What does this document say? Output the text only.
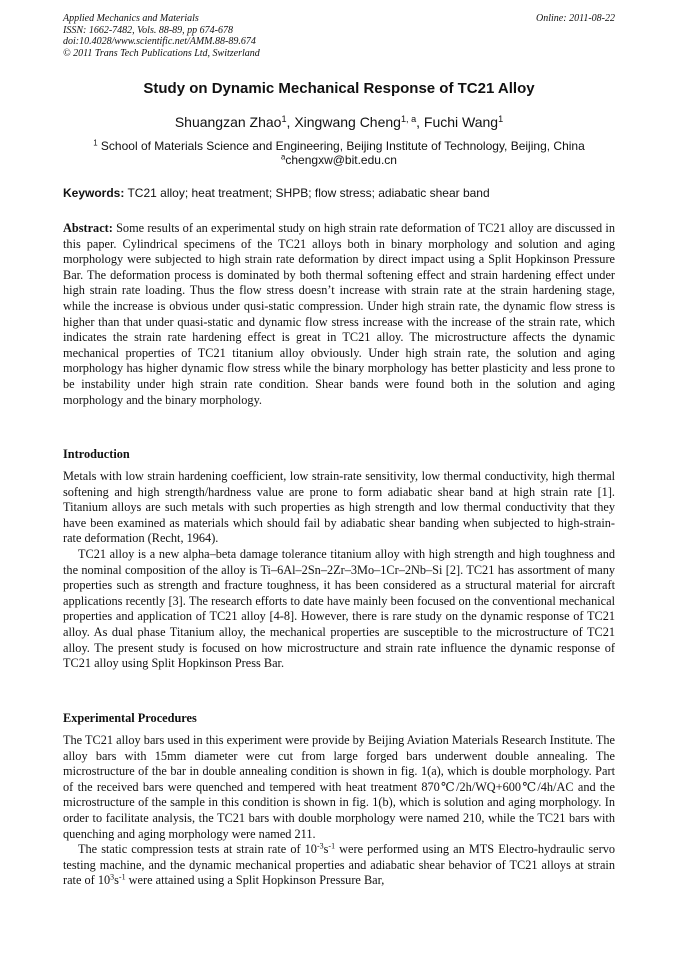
Applied Mechanics and Materials
ISSN: 1662-7482, Vols. 88-89, pp 674-678
doi:10.4028/www.scientific.net/AMM.88-89.674
© 2011 Trans Tech Publications Ltd, Switzerland
Online: 2011-08-22
Study on Dynamic Mechanical Response of TC21 Alloy
Shuangzan Zhao$^1$, Xingwang Cheng$^{1, a}$, Fuchi Wang$^1$
$^1$ School of Materials Science and Engineering, Beijing Institute of Technology, Beijing, China
$^a$chengxw@bit.edu.cn
Keywords: TC21 alloy; heat treatment; SHPB; flow stress; adiabatic shear band

Abstract: Some results of an experimental study on high strain rate deformation of TC21 alloy are discussed in this paper. Cylindrical specimens of the TC21 alloys both in binary morphology and solution and aging morphology were subjected to high strain rate deformation by direct impact using a Split Hopkinson Pressure Bar. The deformation process is dominated by both thermal softening effect and strain hardening effect under high strain rate loading. Thus the flow stress doesn’t increase with strain rate at the strain hardening stage, while the increase is obvious under qusi-static compression. Under high strain rate, the dynamic flow stress is higher than that under quasi-static and dynamic flow stress increase with the increase of the strain rate, which indicates the strain rate hardening effect is great in TC21 alloy. The microstructure affects the dynamic mechanical properties of TC21 titanium alloy obviously. Under high strain rate, the solution and aging morphology has higher dynamic flow stress while the binary morphology has better plasticity and less prone to be instability under high strain rate condition. Shear bands were found both in the solution and aging morphology and the binary morphology.

Introduction

Metals with low strain hardening coefficient, low strain-rate sensitivity, low thermal conductivity, high thermal softening and high strength/hardness value are prone to form adiabatic shear band at high strain rate [1]. Titanium alloys are such metals with such properties as high strength and low thermal conductivity that they have been examined as materials which should fail by adiabatic shear banding when subjected to high-strain-rate deformation (Recht, 1964).

TC21 alloy is a new alpha–beta damage tolerance titanium alloy with high strength and high toughness and the nominal composition of the alloy is Ti–6Al–2Sn–2Zr–3Mo–1Cr–2Nb–Si [2]. TC21 has assortment of many properties such as strength and fracture toughness, it has been considered as a structural material for aircraft applications recently [3]. The research efforts to date have mainly been focused on the conventional mechanical properties and application of TC21 alloy [4-8]. However, there is rare study on the dynamic response of TC21 alloy. As dual phase Titanium alloy, the mechanical properties are susceptible to the microstructure of TC21 alloy. The present study is focused on how microstructure and strain rate influence the dynamic response of TC21 alloy using Split Hopkinson Press Bar.

Experimental Procedures

The TC21 alloy bars used in this experiment were provide by Beijing Aviation Materials Research Institute. The alloy bars with 15mm diameter were cut from large forged bars underwent double annealing. The microstructure of the bar in double annealing condition is shown in fig. 1(a), which is double morphology. Part of the received bars were quenched and tempered with heat treatment 870℃/2h/WQ+600℃/4h/AC and the microstructure of the sample in this condition is shown in fig. 1(b), which is solution and aging morphology. In order to facilitate analysis, the TC21 bars with double morphology were named 210, while the TC21 bars with quenching and aging morphology were named 211.

The static compression tests at strain rate of $10^{-3}s^{-1}$ were performed using an MTS Electro-hydraulic servo testing machine, and the dynamic mechanical properties and adiabatic shear behavior of TC21 alloys at strain rate of $10^3s^{-1}$ were attained using a Split Hopkinson Pressure Bar,
